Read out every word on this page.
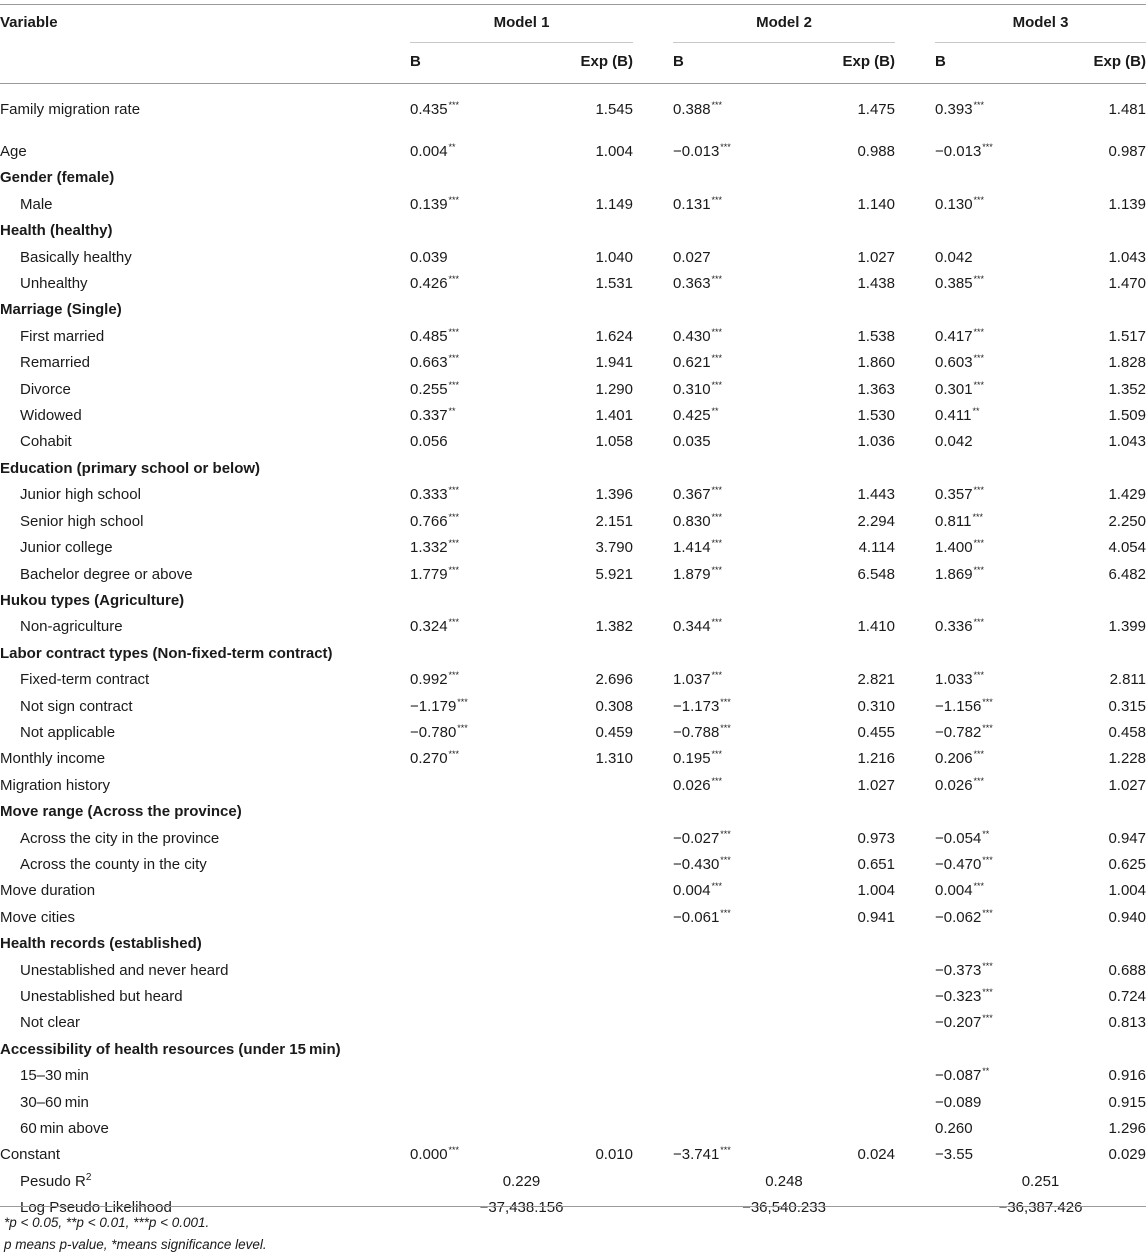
Variable	Model 1			Model 2			Model 3	
	B	Exp (B)		B	Exp (B)		B	Exp (B)
Family migration rate	0.435***	1.545		0.388***	1.475		0.393***	1.481
Age	0.004**	1.004		−0.013***	0.988		−0.013***	0.987
Gender (female)								
Male	0.139***	1.149		0.131***	1.140		0.130***	1.139
Health (healthy)								
Basically healthy	0.039	1.040		0.027	1.027		0.042	1.043
Unhealthy	0.426***	1.531		0.363***	1.438		0.385***	1.470
Marriage (Single)								
First married	0.485***	1.624		0.430***	1.538		0.417***	1.517
Remarried	0.663***	1.941		0.621***	1.860		0.603***	1.828
Divorce	0.255***	1.290		0.310***	1.363		0.301***	1.352
Widowed	0.337**	1.401		0.425**	1.530		0.411**	1.509
Cohabit	0.056	1.058		0.035	1.036		0.042	1.043
Education (primary school or below)								
Junior high school	0.333***	1.396		0.367***	1.443		0.357***	1.429
Senior high school	0.766***	2.151		0.830***	2.294		0.811***	2.250
Junior college	1.332***	3.790		1.414***	4.114		1.400***	4.054
Bachelor degree or above	1.779***	5.921		1.879***	6.548		1.869***	6.482
Hukou types (Agriculture)								
Non-agriculture	0.324***	1.382		0.344***	1.410		0.336***	1.399
Labor contract types (Non-fixed-term contract)								
Fixed-term contract	0.992***	2.696		1.037***	2.821		1.033***	2.811
Not sign contract	−1.179***	0.308		−1.173***	0.310		−1.156***	0.315
Not applicable	−0.780***	0.459		−0.788***	0.455		−0.782***	0.458
Monthly income	0.270***	1.310		0.195***	1.216		0.206***	1.228
Migration history				0.026***	1.027		0.026***	1.027
Move range (Across the province)								
Across the city in the province				−0.027***	0.973		−0.054**	0.947
Across the county in the city				−0.430***	0.651		−0.470***	0.625
Move duration				0.004***	1.004		0.004***	1.004
Move cities				−0.061***	0.941		−0.062***	0.940
Health records (established)								
Unestablished and never heard							−0.373***	0.688
Unestablished but heard							−0.323***	0.724
Not clear							−0.207***	0.813
Accessibility of health resources (under 15 min)								
15–30 min							−0.087**	0.916
30–60 min							−0.089	0.915
60 min above							0.260	1.296
Constant	0.000***	0.010		−3.741***	0.024		−3.55	0.029
Pesudo $R^2$	0.229			0.248			0.251	
Log Pseudo Likelihood	−37,438.156			−36,540.233			−36,387.426	
*p < 0.05, **p < 0.01, ***p < 0.001.
p means p-value, *means significance level.
